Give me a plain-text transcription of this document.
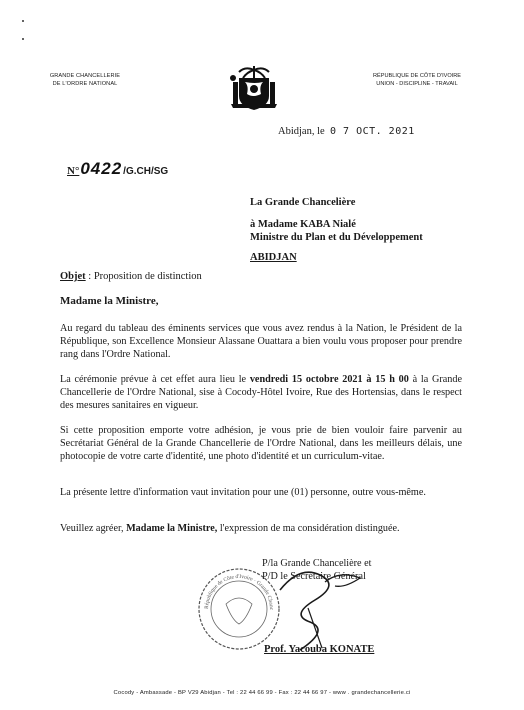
GRANDE CHANCELLERIE
DE L'ORDRE NATIONAL
RÉPUBLIQUE DE CÔTE D'IVOIRE
UNION - DISCIPLINE - TRAVAIL
Abidjan, le 0 7 OCT. 2021
N° 0422 /G.CH/SG
La Grande Chancelière
à Madame KABA Nialé
Ministre du Plan et du Développement
ABIDJAN
Objet : Proposition de distinction
Madame la Ministre,
Au regard du tableau des éminents services que vous avez rendus à la Nation, le Président de la République, son Excellence Monsieur Alassane Ouattara a bien voulu vous proposer pour prendre rang dans l'Ordre National.
La cérémonie prévue à cet effet aura lieu le vendredi 15 octobre 2021 à 15 h 00 à la Grande Chancellerie de l'Ordre National, sise à Cocody-Hôtel Ivoire, Rue des Hortensias, dans le respect des mesures sanitaires en vigueur.
Si cette proposition emporte votre adhésion, je vous prie de bien vouloir faire parvenir au Secrétariat Général de la Grande Chancellerie de l'Ordre National, dans les meilleurs délais, une photocopie de votre carte d'identité, une photo d'identité et un curriculum-vitae.
La présente lettre d'information vaut invitation pour une (01) personne, outre vous-même.
Veuillez agréer, Madame la Ministre, l'expression de ma considération distinguée.
République de Côte d'Ivoire · Grande Chanc
P/la Grande Chancelière et
P/D le Secrétaire Général
Prof. Yacouba KONATE
Cocody - Ambassade - BP V29 Abidjan - Tel : 22 44 66 99 - Fax : 22 44 66 97 - www . grandechancellerie.ci
